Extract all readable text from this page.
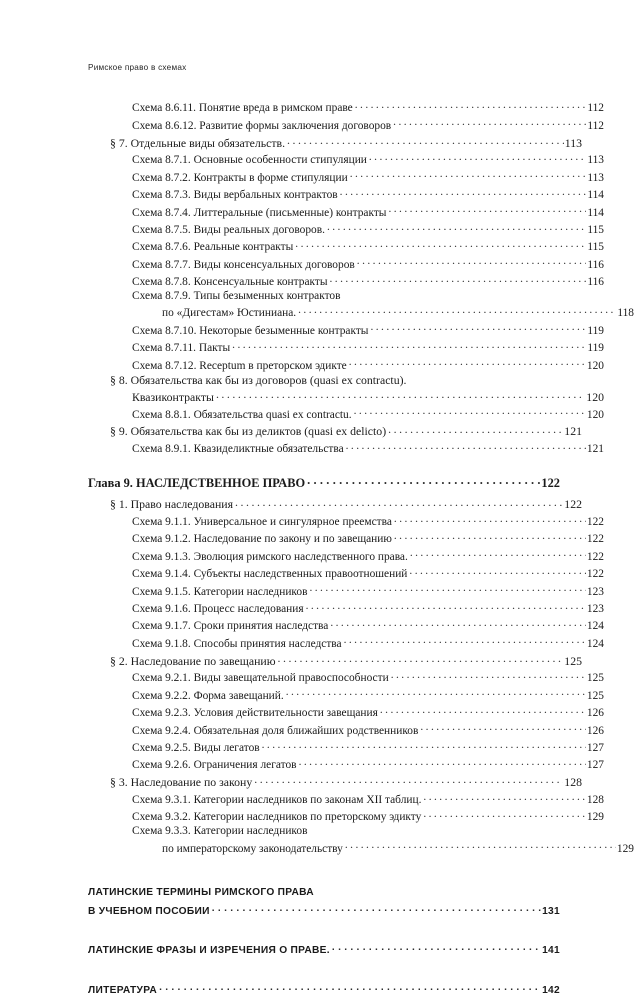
Римское право в схемах
Схема 8.6.11. Понятие вреда в римском праве . . .	112
Схема 8.6.12. Развитие формы заключения договоров . . .	112
§ 7. Отдельные виды обязательств. . . .	113
Схема 8.7.1. Основные особенности стипуляции . . .	113
Схема 8.7.2. Контракты в форме стипуляции . . .	113
Схема 8.7.3. Виды вербальных контрактов . . .	114
Схема 8.7.4. Литтеральные (письменные) контракты . . .	114
Схема 8.7.5. Виды реальных договоров. . . .	115
Схема 8.7.6. Реальные контракты . . .	115
Схема 8.7.7. Виды консенсуальных договоров . . .	116
Схема 8.7.8. Консенсуальные контракты . . .	116
Схема 8.7.9. Типы безыменных контрактов
по «Дигестам» Юстиниана. . . .	118
Схема 8.7.10. Некоторые безыменные контракты . . .	119
Схема 8.7.11. Пакты . . .	119
Схема 8.7.12. Receptum в преторском эдикте . . .	120
§ 8. Обязательства как бы из договоров (quasi ex contractu).
Квазиконтракты . . .	120
Схема 8.8.1. Обязательства quasi ex contractu. . . .	120
§ 9. Обязательства как бы из деликтов (quasi ex delicto) . . .	121
Схема 8.9.1. Квазиделиктные обязательства . . .	121
Глава 9. НАСЛЕДСТВЕННОЕ ПРАВО . . .	122
§ 1. Право наследования . . .	122
Схема 9.1.1. Универсальное и сингулярное преемства . . .	122
Схема 9.1.2. Наследование по закону и по завещанию . . .	122
Схема 9.1.3. Эволюция римского наследственного права. . . .	122
Схема 9.1.4. Субъекты наследственных правоотношений . . .	122
Схема 9.1.5. Категории наследников . . .	123
Схема 9.1.6. Процесс наследования . . .	123
Схема 9.1.7. Сроки принятия наследства . . .	124
Схема 9.1.8. Способы принятия наследства . . .	124
§ 2. Наследование по завещанию . . .	125
Схема 9.2.1. Виды завещательной правоспособности . . .	125
Схема 9.2.2. Форма завещаний. . . .	125
Схема 9.2.3. Условия действительности завещания . . .	126
Схема 9.2.4. Обязательная доля ближайших родственников . . .	126
Схема 9.2.5. Виды легатов . . .	127
Схема 9.2.6. Ограничения легатов . . .	127
§ 3. Наследование по закону . . .	128
Схема 9.3.1. Категории наследников по законам XII таблиц. . . .	128
Схема 9.3.2. Категории наследников по преторскому эдикту . . .	129
Схема 9.3.3. Категории наследников
по императорскому законодательству . . .	129
ЛАТИНСКИЕ ТЕРМИНЫ РИМСКОГО ПРАВА
В УЧЕБНОМ ПОСОБИИ . . .	131
ЛАТИНСКИЕ ФРАЗЫ И ИЗРЕЧЕНИЯ О ПРАВЕ. . . .	141
ЛИТЕРАТУРА . . .	142
